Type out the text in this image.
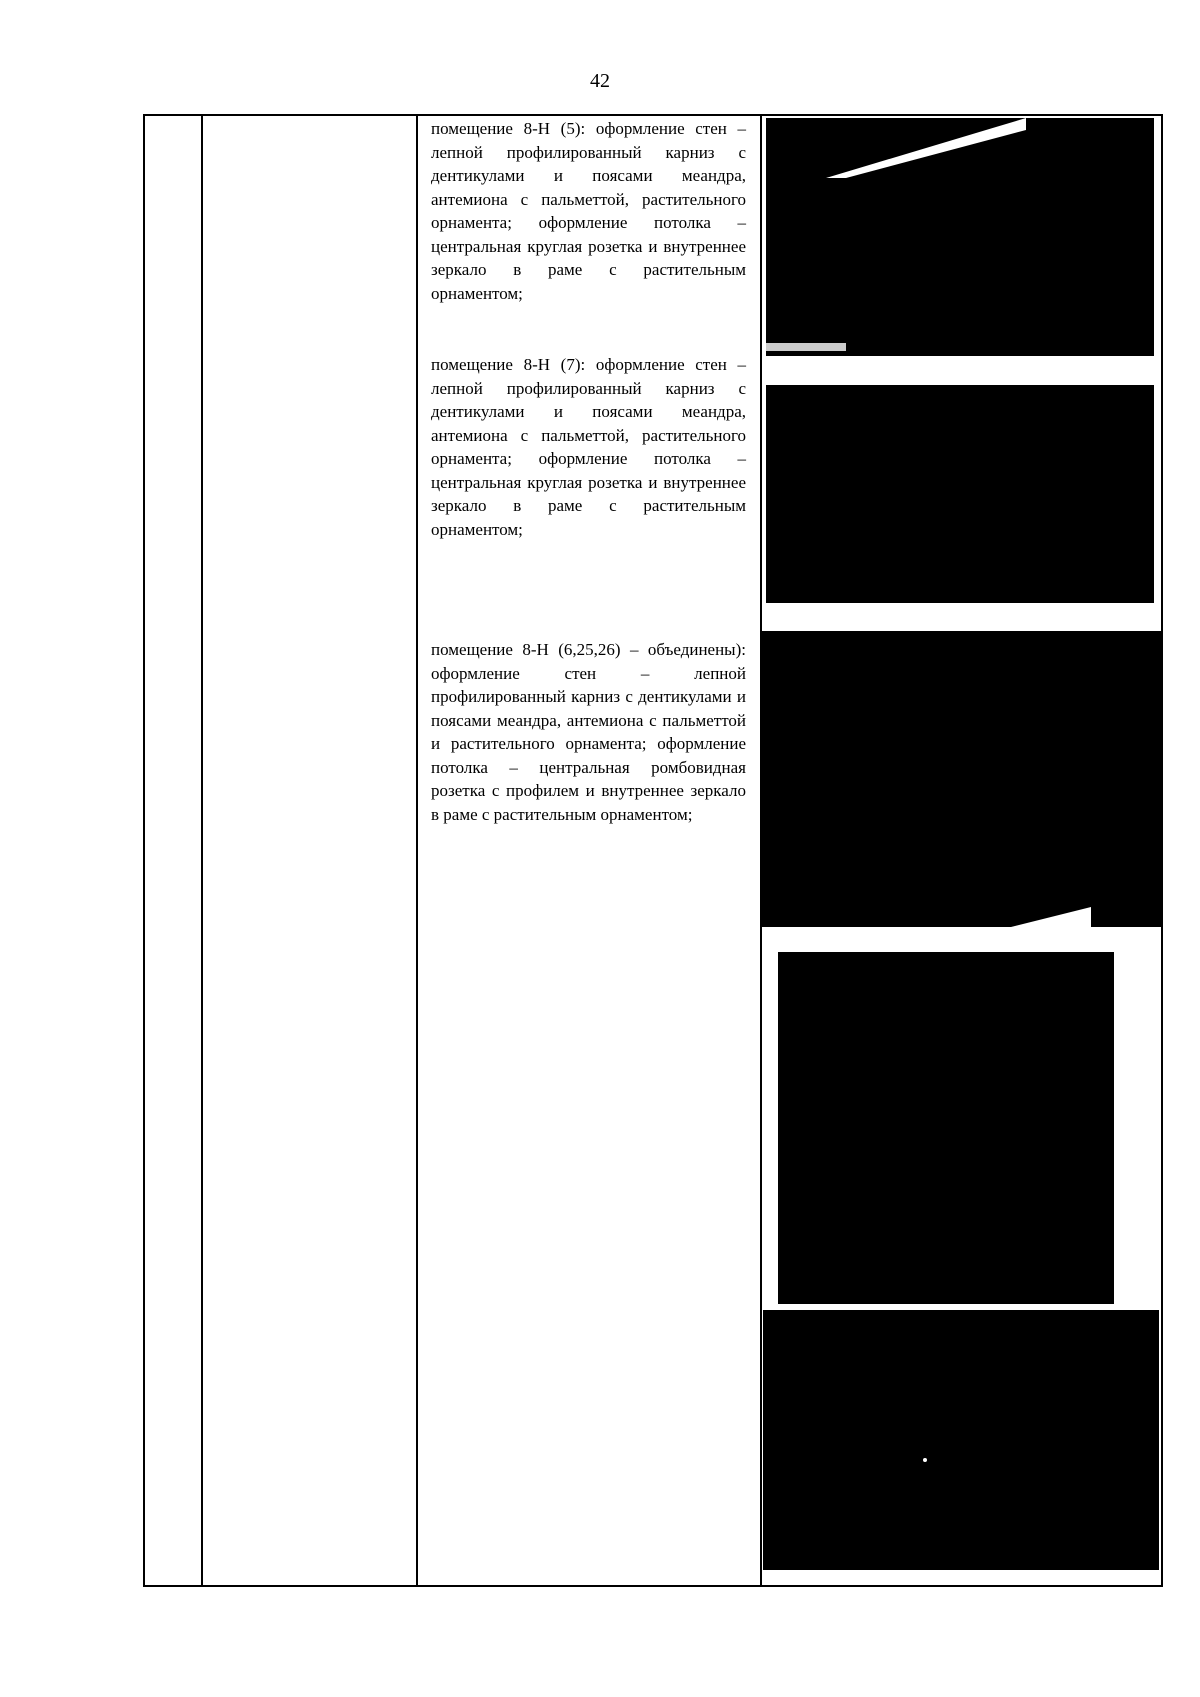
42
помещение 8-Н (5): оформление стен – лепной профилированный карниз с дентикулами и поясами меандра, антемиона с пальметтой, растительного орнамента; оформление потолка – центральная круглая розетка и внутреннее зеркало в раме с растительным орнаментом;
помещение 8-Н (7): оформление стен – лепной профилированный карниз с дентикулами и поясами меандра, антемиона с пальметтой, растительного орнамента; оформление потолка – центральная круглая розетка и внутреннее зеркало в раме с растительным орнаментом;
помещение 8-Н (6,25,26) – объединены): оформление стен – лепной профилированный карниз с дентикулами и поясами меандра, антемиона с пальметтой и растительного орнамента; оформление потолка – центральная ромбовидная розетка с профилем и внутреннее зеркало в раме с растительным орнаментом;
